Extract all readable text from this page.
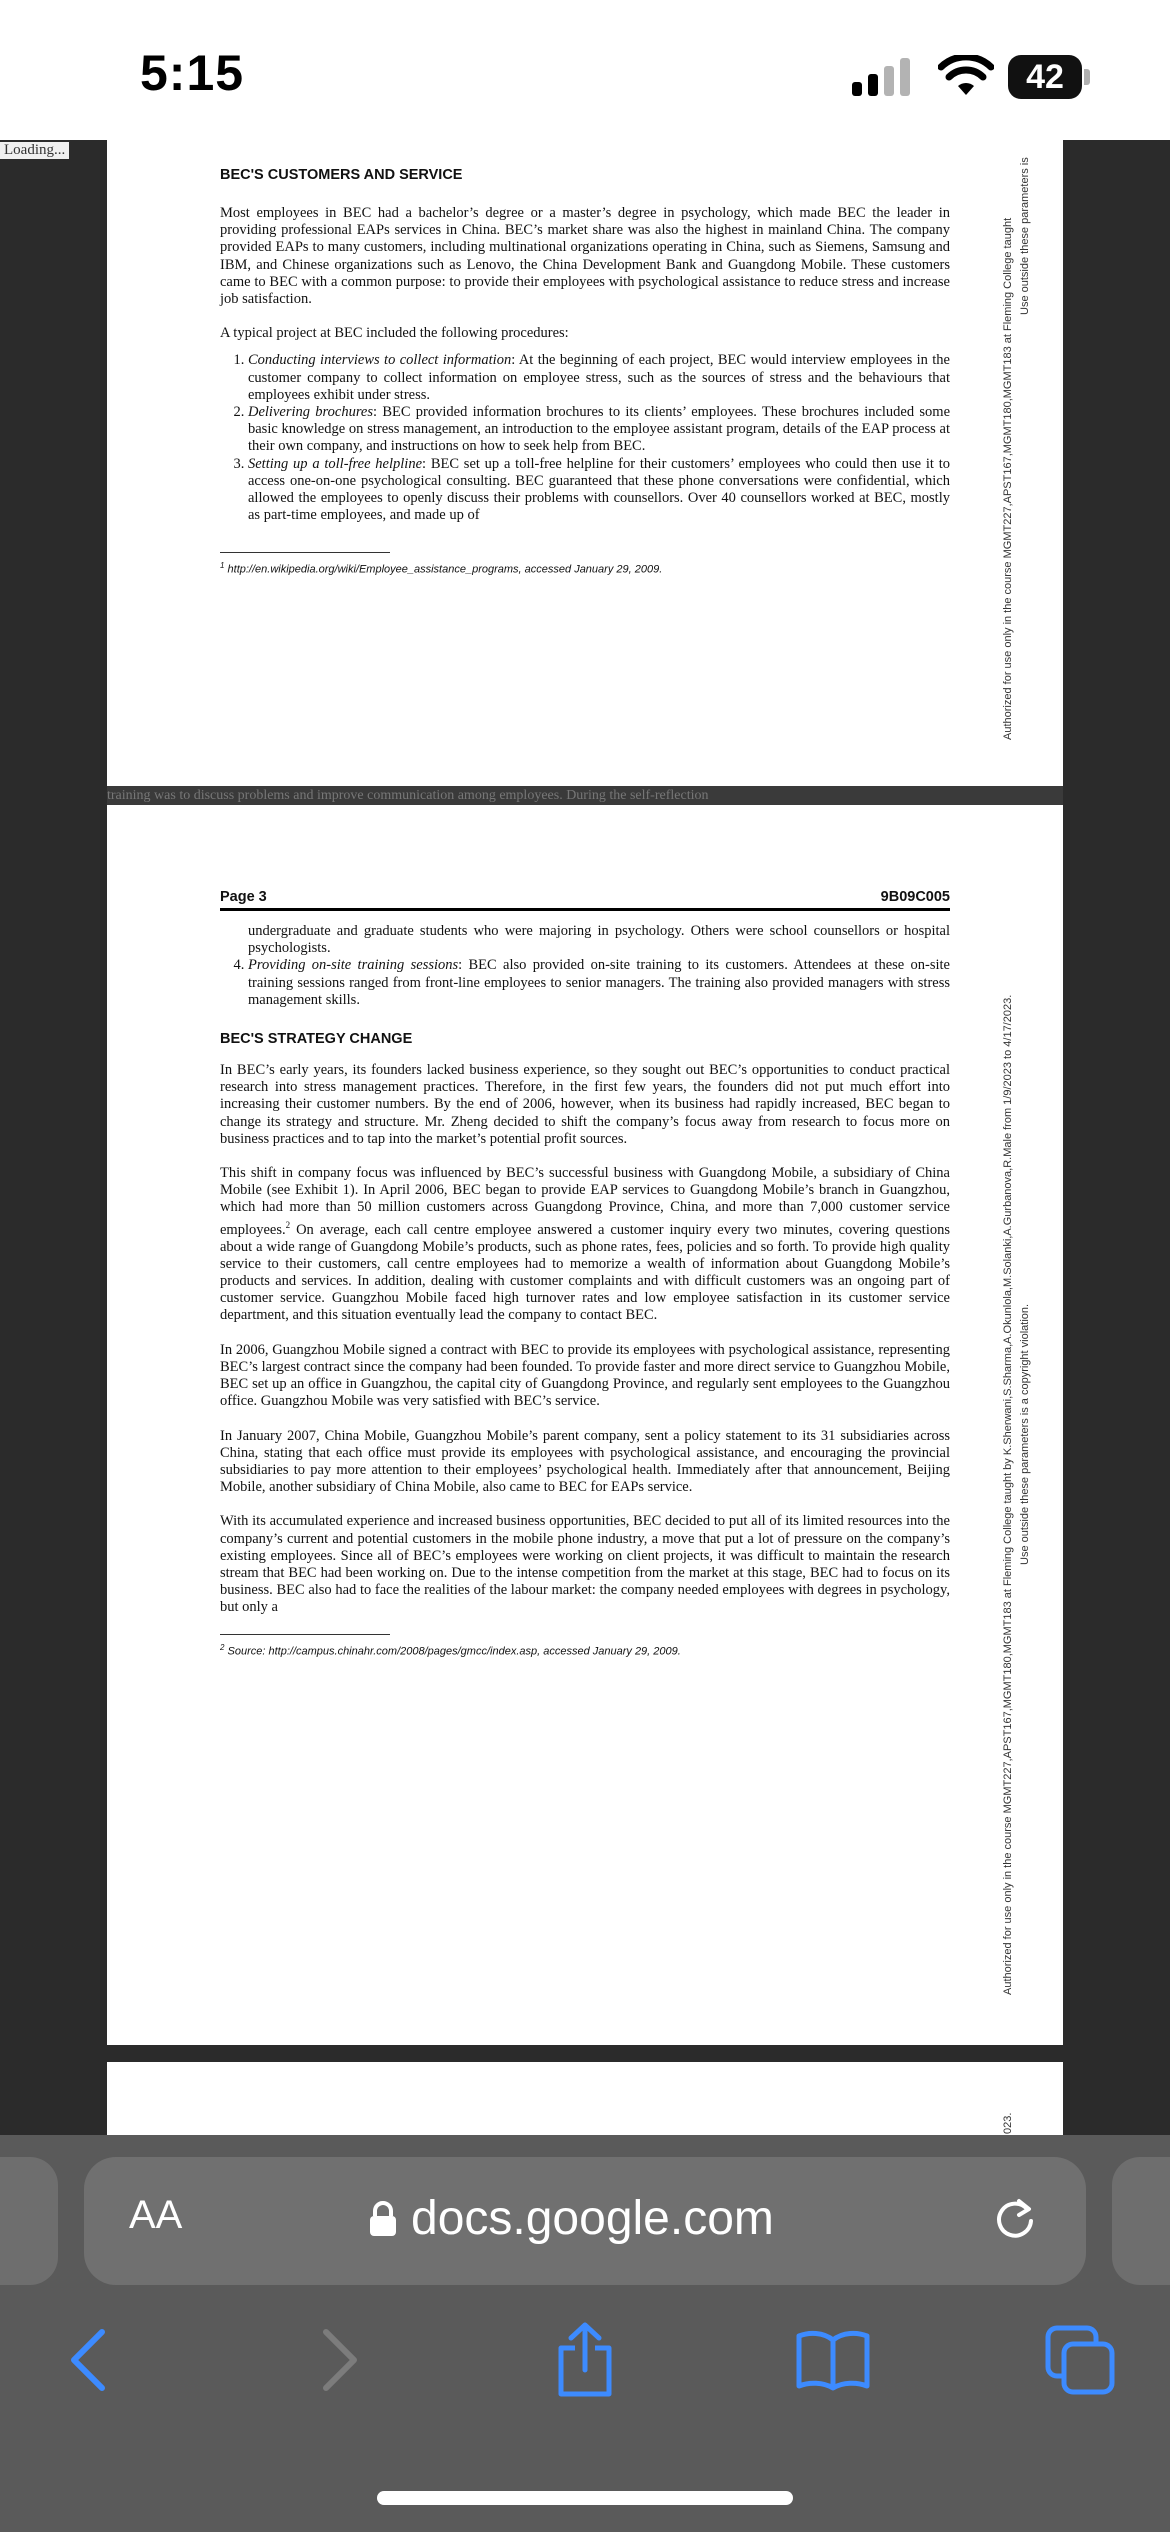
5:15	42
Loading...
BEC'S CUSTOMERS AND SERVICE

Most employees in BEC had a bachelor’s degree or a master’s degree in psychology, which made BEC the leader in providing professional EAPs services in China. BEC’s market share was also the highest in mainland China. The company provided EAPs to many customers, including multinational organizations operating in China, such as Siemens, Samsung and IBM, and Chinese organizations such as Lenovo, the China Development Bank and Guangdong Mobile. These customers came to BEC with a common purpose: to provide their employees with psychological assistance to reduce stress and increase job satisfaction.

A typical project at BEC included the following procedures:

1. Conducting interviews to collect information: At the beginning of each project, BEC would interview employees in the customer company to collect information on employee stress, such as the sources of stress and the behaviours that employees exhibit under stress.
2. Delivering brochures: BEC provided information brochures to its clients’ employees. These brochures included some basic knowledge on stress management, an introduction to the employee assistant program, details of the EAP process at their own company, and instructions on how to seek help from BEC.
3. Setting up a toll-free helpline: BEC set up a toll-free helpline for their customers’ employees who could then use it to access one-on-one psychological consulting. BEC guaranteed that these phone conversations were confidential, which allowed the employees to openly discuss their problems with counsellors. Over 40 counsellors worked at BEC, mostly as part-time employees, and made up of
$^1$ http://en.wikipedia.org/wiki/Employee_assistance_programs, accessed January 29, 2009.	Authorized for use only in the course MGMT227,APST167,MGMT180,MGMT183 at Fleming College taught Use outside these parameters is
training was to discuss problems and improve communication among employees. During the self-reflection
Page 3	9B09C005
undergraduate and graduate students who were majoring in psychology. Others were school counsellors or hospital psychologists.
4. Providing on-site training sessions: BEC also provided on-site training to its customers. Attendees at these on-site training sessions ranged from front-line employees to senior managers. The training also provided managers with stress management skills.
BEC'S STRATEGY CHANGE

In BEC’s early years, its founders lacked business experience, so they sought out BEC’s opportunities to conduct practical research into stress management practices. Therefore, in the first few years, the founders did not put much effort into increasing their customer numbers. By the end of 2006, however, when its business had rapidly increased, BEC began to change its strategy and structure. Mr. Zheng decided to shift the company’s focus away from research to focus more on business practices and to tap into the market’s potential profit sources.

This shift in company focus was influenced by BEC’s successful business with Guangdong Mobile, a subsidiary of China Mobile (see Exhibit 1). In April 2006, BEC began to provide EAP services to Guangdong Mobile’s branch in Guangzhou, which had more than 50 million customers across Guangdong Province, China, and more than 7,000 customer service employees.$^2$ On average, each call centre employee answered a customer inquiry every two minutes, covering questions about a wide range of Guangdong Mobile’s products, such as phone rates, fees, policies and so forth. To provide high quality service to their customers, call centre employees had to memorize a wealth of information about Guangdong Mobile’s products and services. In addition, dealing with customer complaints and with difficult customers was an ongoing part of customer service. Guangzhou Mobile faced high turnover rates and low employee satisfaction in its customer service department, and this situation eventually lead the company to contact BEC.

In 2006, Guangzhou Mobile signed a contract with BEC to provide its employees with psychological assistance, representing BEC’s largest contract since the company had been founded. To provide faster and more direct service to Guangzhou Mobile, BEC set up an office in Guangzhou, the capital city of Guangdong Province, and regularly sent employees to the Guangzhou office. Guangzhou Mobile was very satisfied with BEC’s service.

In January 2007, China Mobile, Guangzhou Mobile’s parent company, sent a policy statement to its 31 subsidiaries across China, stating that each office must provide its employees with psychological assistance, and encouraging the provincial subsidiaries to pay more attention to their employees’ psychological health. Immediately after that announcement, Beijing Mobile, another subsidiary of China Mobile, also came to BEC for EAPs service.

With its accumulated experience and increased business opportunities, BEC decided to put all of its limited resources into the company’s current and potential customers in the mobile phone industry, a move that put a lot of pressure on the company’s existing employees. Since all of BEC’s employees were working on client projects, it was difficult to maintain the research stream that BEC had been working on. Due to the intense competition from the market at this stage, BEC had to focus on its business. BEC also had to face the realities of the labour market: the company needed employees with degrees in psychology, but only a

$^2$ Source: http://campus.chinahr.com/2008/pages/gmcc/index.asp, accessed January 29, 2009.	Authorized for use only in the course MGMT227,APST167,MGMT180,MGMT183 at Fleming College taught by K.Sherwani,S.Sharma,A.Okunlola,M.Solanki,A.Gurbanova,R.Male from 1/9/2023 to 4/17/2023. Use outside these parameters is a copyright violation.
023.
AA	docs.google.com
